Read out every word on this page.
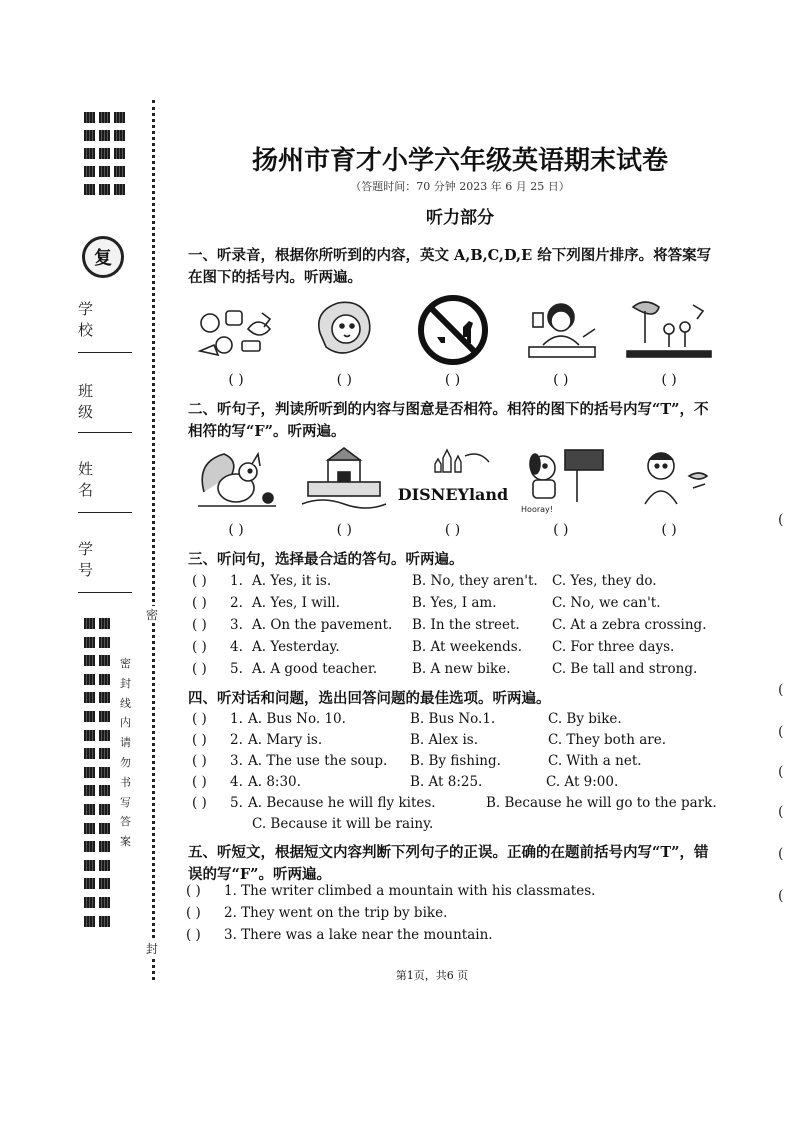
复
学 校
班 级
姓 名
学 号
密封线内请勿书写答案
密
封
扬州市育才小学六年级英语期末试卷
（答题时间：70 分钟 2023 年 6 月 25 日）
听力部分
一、听录音，根据你所听到的内容，英文 A,B,C,D,E 给下列图片排序。将答案写在图下的括号内。听两遍。
( )	( )	( )	( )	( )
二、听句子，判读所听到的内容与图意是否相符。相符的图下的括号内写“T”，不相符的写“F”。听两遍。
DISNEYland
Hooray!
( )	( )	( )	( )	( )
三、听问句，选择最合适的答句。听两遍。
( ) 1. A. Yes, it is.	B. No, they aren't. C. Yes, they do.
( ) 2. A. Yes, I will.	B. Yes, I am.	C. No, we can't.
( ) 3. A. On the pavement. B. In the street. C. At a zebra crossing.
( ) 4. A. Yesterday.	B. At weekends. C. For three days.
( ) 5. A. A good teacher.	B. A new bike.	C. Be tall and strong.
四、听对话和问题，选出回答问题的最佳选项。听两遍。
( ) 1. A. Bus No. 10.	B. Bus No.1.	C. By bike.
( ) 2. A. Mary is.	B. Alex is.	C. They both are.
( ) 3. A. The use the soup. B. By fishing.	C. With a net.
( ) 4. A. 8:30.	B. At 8:25.	C. At 9:00.
( ) 5. A. Because he will fly kites.	B. Because he will go to the park.
C. Because it will be rainy.
五、听短文，根据短文内容判断下列句子的正误。正确的在题前括号内写“T”，错误的写“F”。听两遍。
( ) 1. The writer climbed a mountain with his classmates.
( ) 2. They went on the trip by bike.
( ) 3. There was a lake near the mountain.
第1页，共6 页
(
(
(
(
(
(
(
